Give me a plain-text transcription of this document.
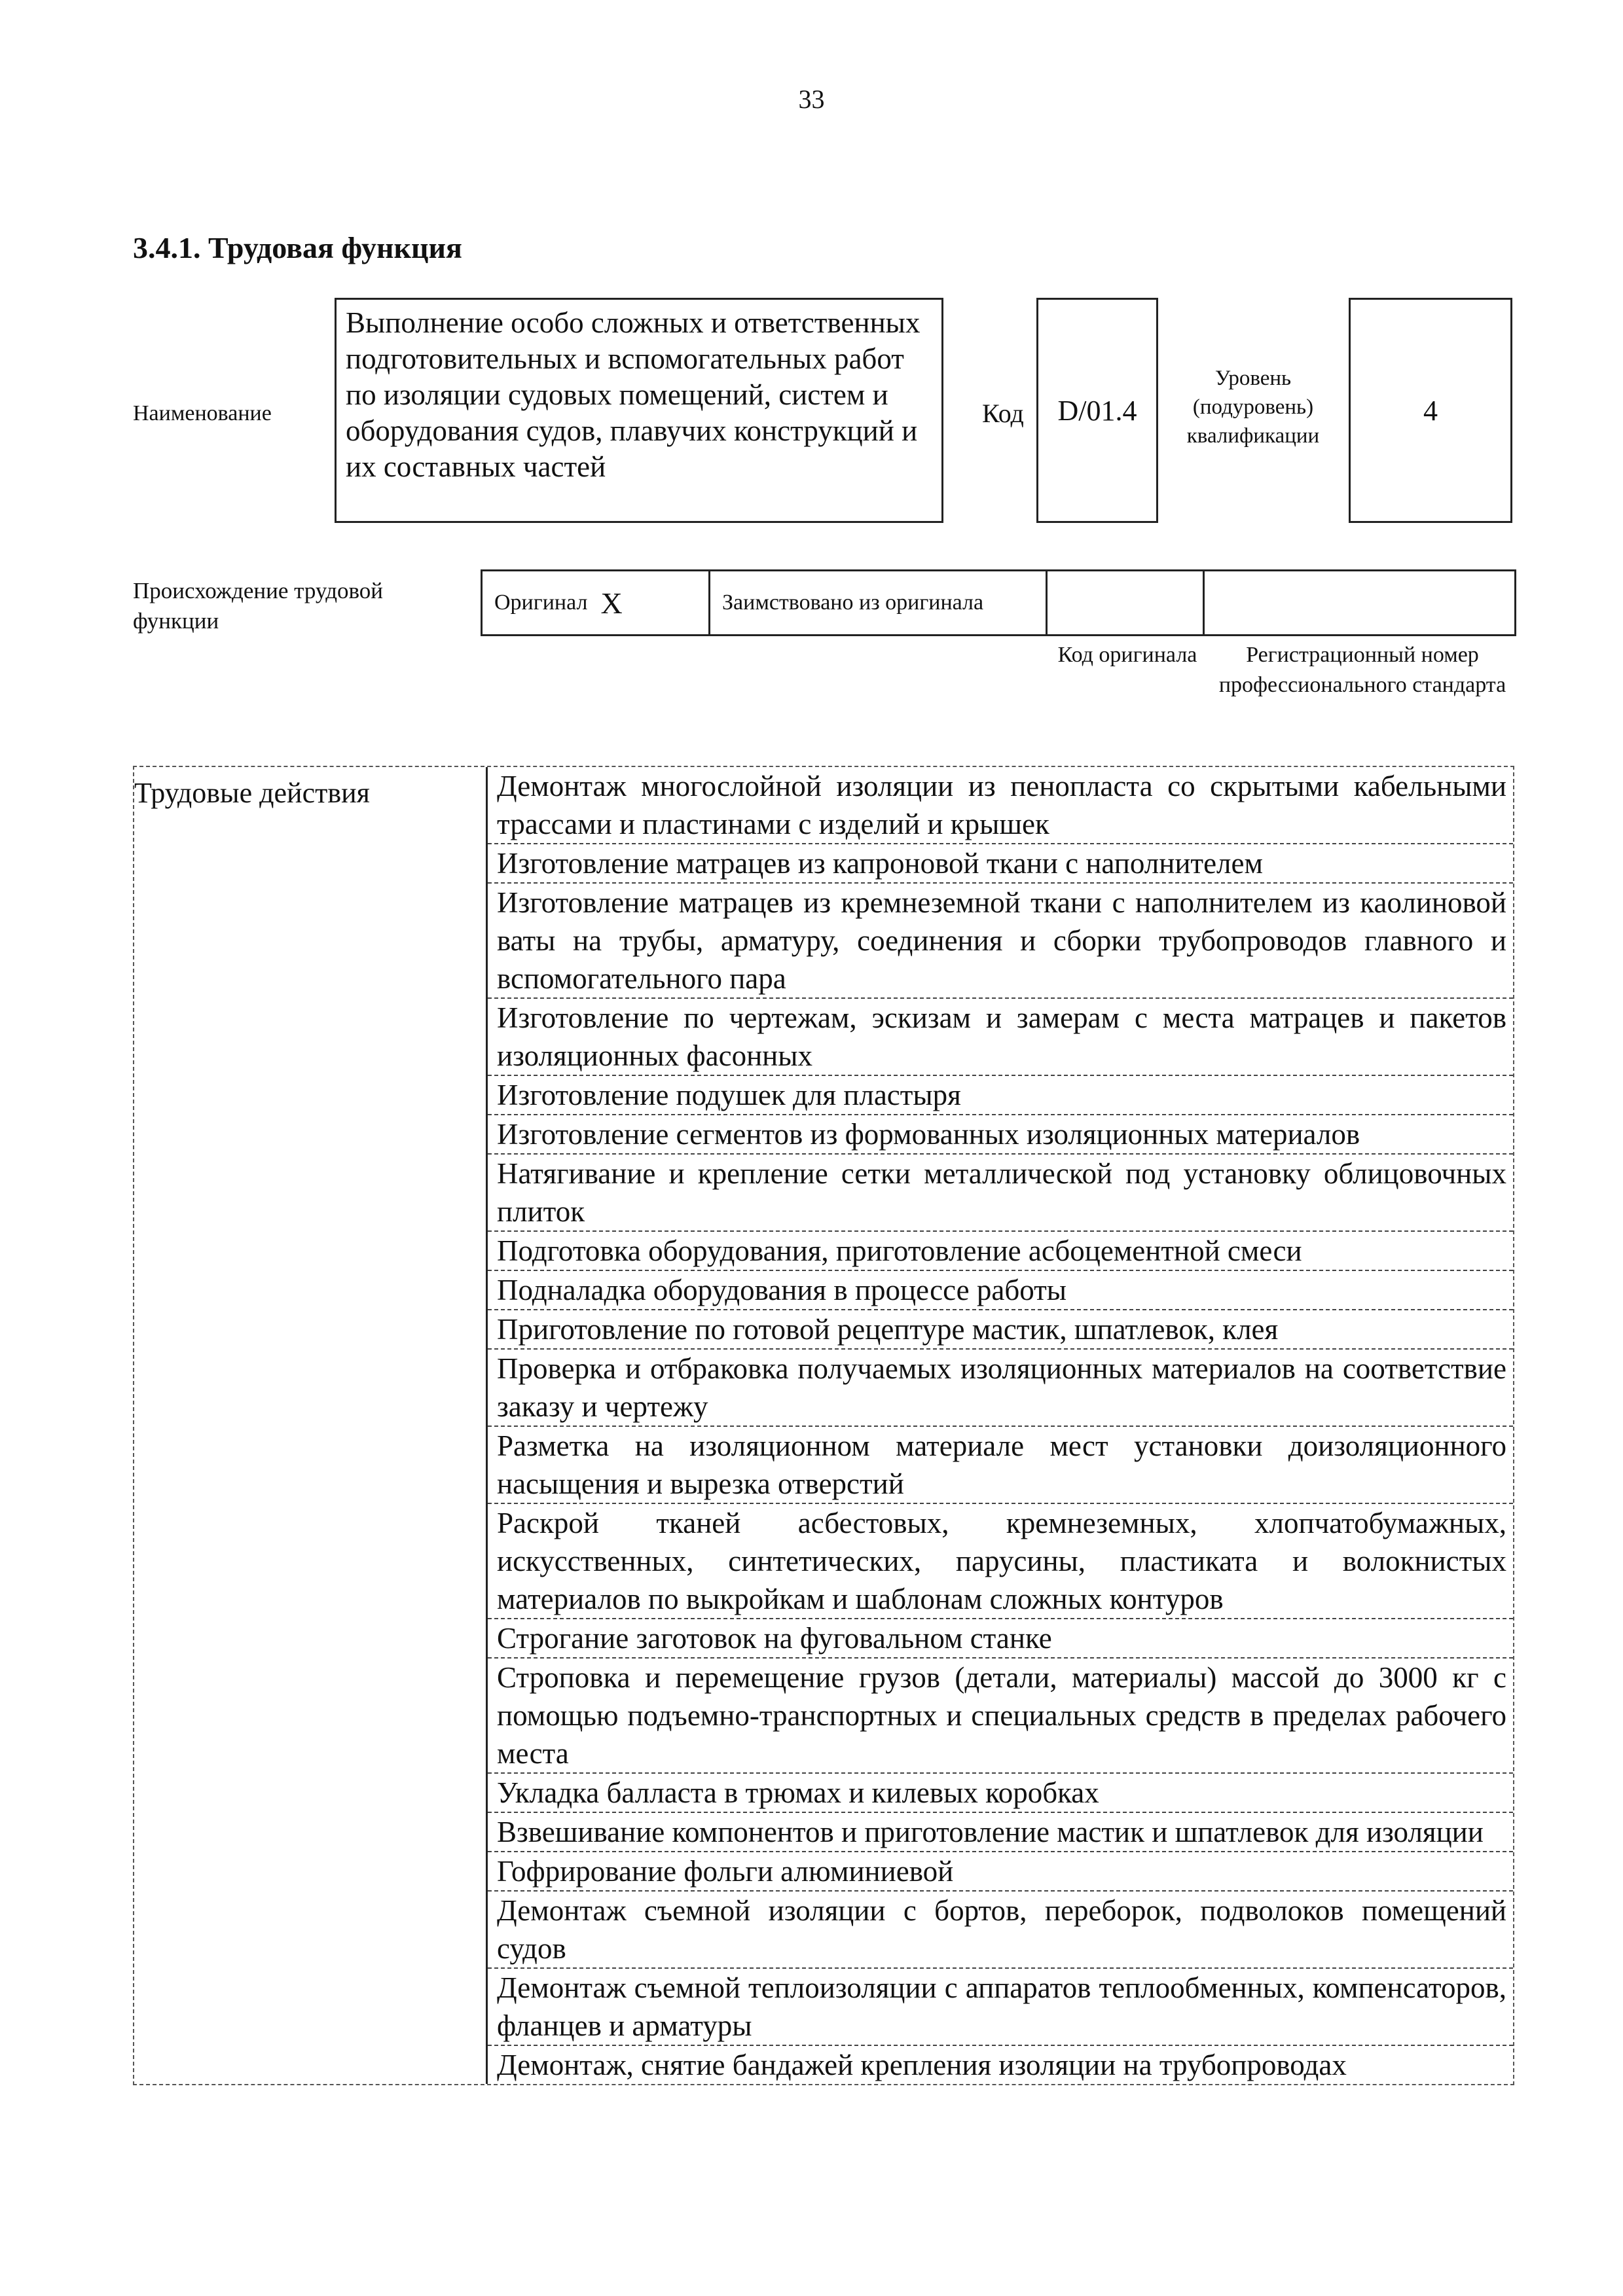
33
3.4.1. Трудовая функция
Наименование
Выполнение особо сложных и ответственных подготовительных и вспомогательных работ по изоляции судовых помещений, систем и оборудования судов, плавучих конструкций и их составных частей
Код	D/01.4
Уровень (подуровень) квалификации
4
Происхождение трудовой функции
Оригинал X	Заимствовано из оригинала
Код оригинала	Регистрационный номер профессионального стандарта
Трудовые действия	Демонтаж многослойной изоляции из пенопласта со скрытыми кабельными трассами и пластинами с изделий и крышек
Изготовление матрацев из капроновой ткани с наполнителем
Изготовление матрацев из кремнеземной ткани с наполнителем из каолиновой ваты на трубы, арматуру, соединения и сборки трубопроводов главного и вспомогательного пара
Изготовление по чертежам, эскизам и замерам с места матрацев и пакетов изоляционных фасонных
Изготовление подушек для пластыря
Изготовление сегментов из формованных изоляционных материалов
Натягивание и крепление сетки металлической под установку облицовочных плиток
Подготовка оборудования, приготовление асбоцементной смеси
Подналадка оборудования в процессе работы
Приготовление по готовой рецептуре мастик, шпатлевок, клея
Проверка и отбраковка получаемых изоляционных материалов на соответствие заказу и чертежу
Разметка на изоляционном материале мест установки доизоляционного насыщения и вырезка отверстий
Раскрой тканей асбестовых, кремнеземных, хлопчатобумажных, искусственных, синтетических, парусины, пластиката и волокнистых материалов по выкройкам и шаблонам сложных контуров
Строгание заготовок на фуговальном станке
Строповка и перемещение грузов (детали, материалы) массой до 3000 кг с помощью подъемно-транспортных и специальных средств в пределах рабочего места
Укладка балласта в трюмах и килевых коробках
Взвешивание компонентов и приготовление мастик и шпатлевок для изоляции
Гофрирование фольги алюминиевой
Демонтаж съемной изоляции с бортов, переборок, подволоков помещений судов
Демонтаж съемной теплоизоляции с аппаратов теплообменных, компенсаторов, фланцев и арматуры
Демонтаж, снятие бандажей крепления изоляции на трубопроводах
